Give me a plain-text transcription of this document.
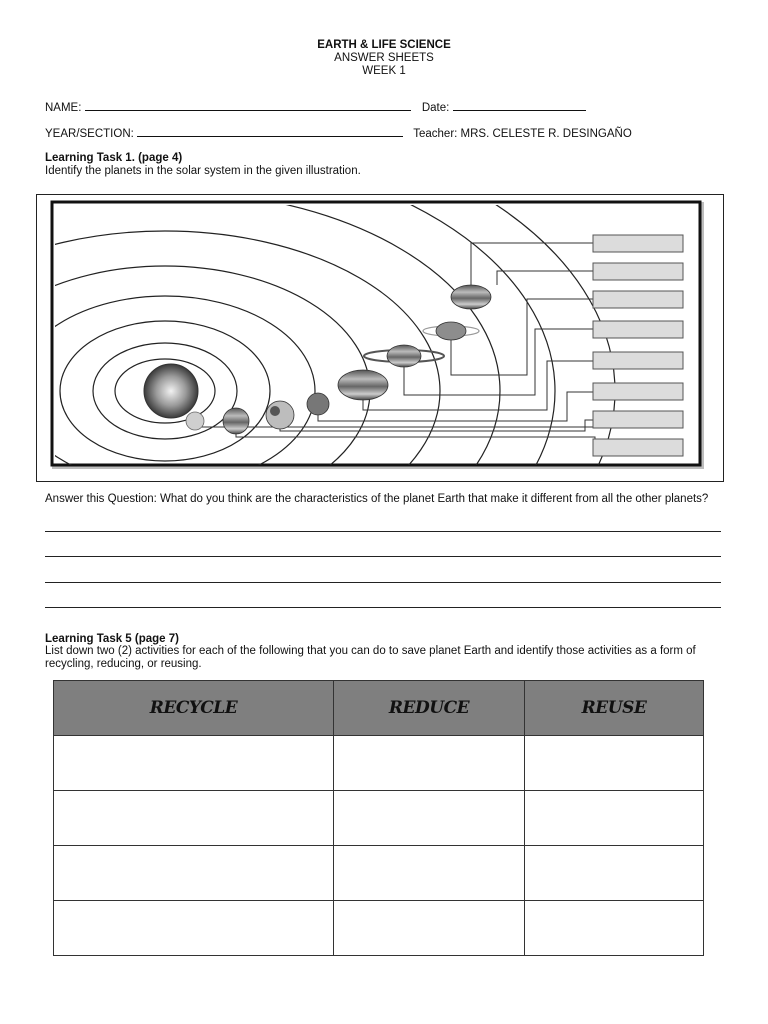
EARTH & LIFE SCIENCE
ANSWER SHEETS
WEEK 1
NAME:	Date:
YEAR/SECTION:	Teacher: MRS. CELESTE R. DESINGAÑO
Learning Task 1. (page 4)
Identify the planets in the solar system in the given illustration.
Answer this Question: What do you think are the characteristics of the planet Earth that make it different from all the other planets?
Learning Task 5 (page 7)
List down two (2) activities for each of the following that you can do to save planet Earth and identify those activities as a form of recycling, reducing, or reusing.
RECYCLE	REDUCE	REUSE
